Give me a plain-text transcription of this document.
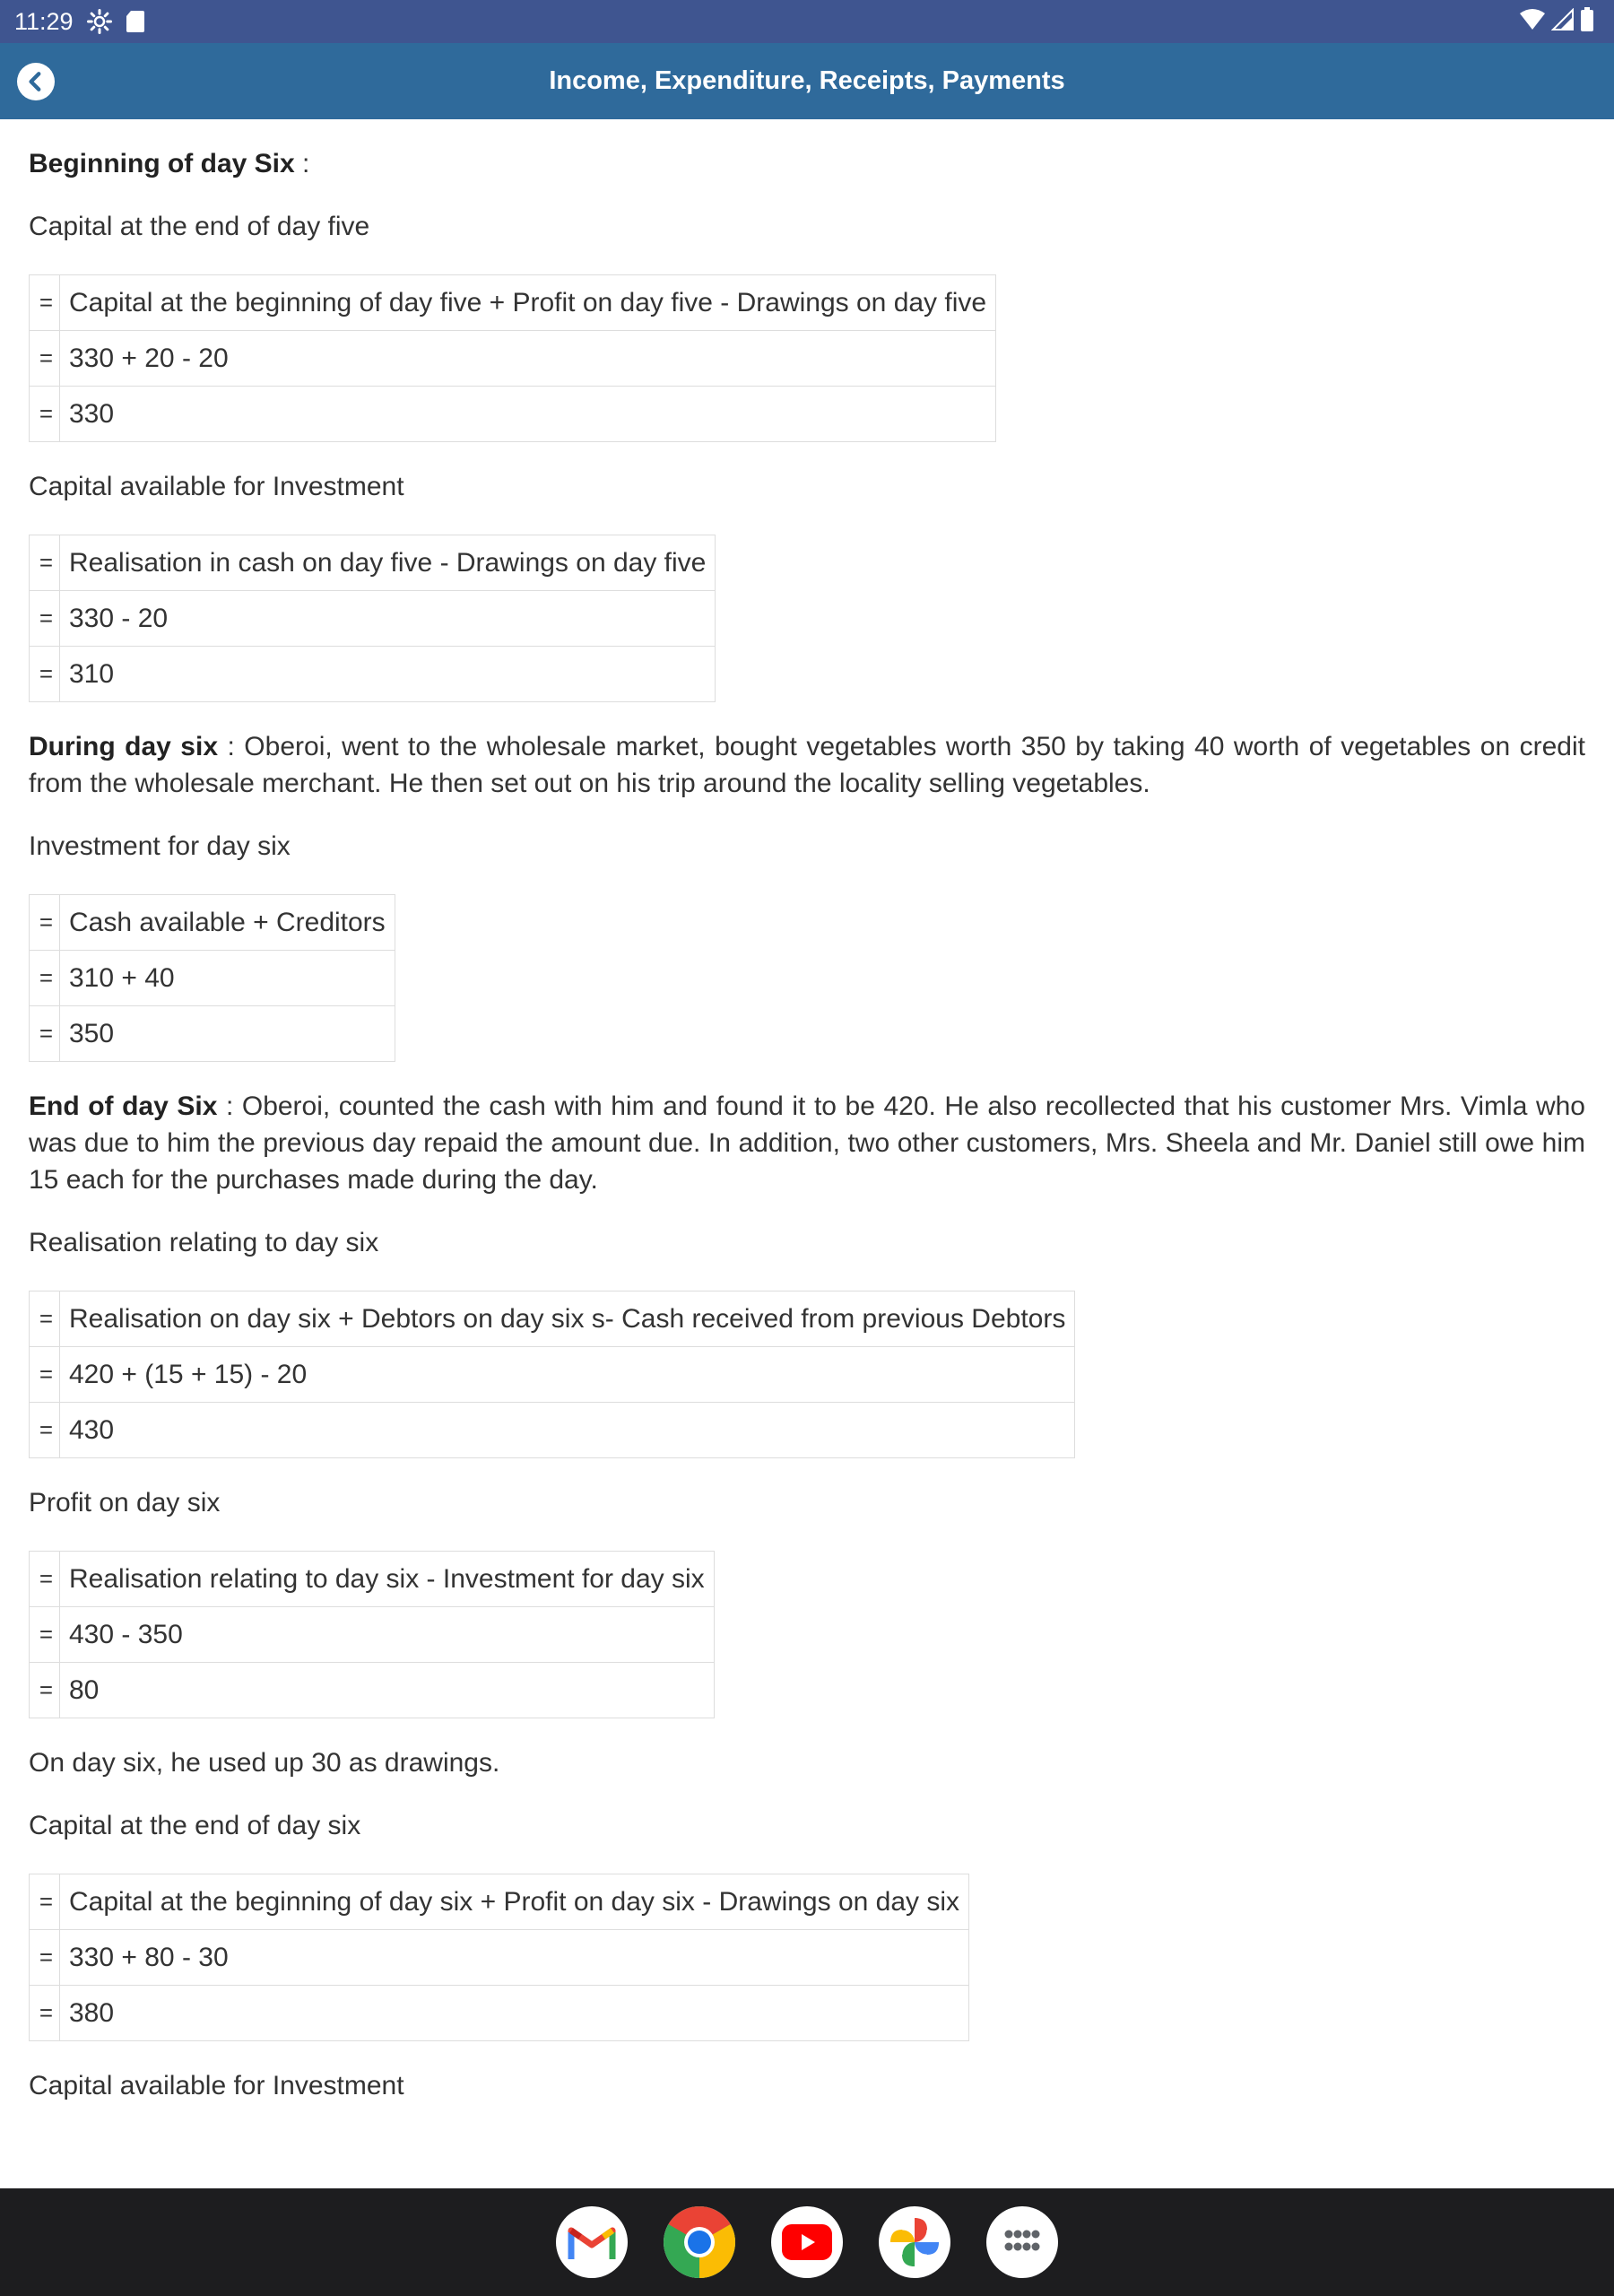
11:29
Income, Expenditure, Receipts, Payments

Beginning of day Six :

Capital at the end of day five

=	Capital at the beginning of day five + Profit on day five - Drawings on day five
=	330 + 20 - 20
=	330

Capital available for Investment

=	Realisation in cash on day five - Drawings on day five
=	330 - 20
=	310

During day six : Oberoi, went to the wholesale market, bought vegetables worth 350 by taking 40 worth of vegetables on credit from the wholesale merchant. He then set out on his trip around the locality selling vegetables.

Investment for day six

=	Cash available + Creditors
=	310 + 40
=	350

End of day Six : Oberoi, counted the cash with him and found it to be 420. He also recollected that his customer Mrs. Vimla who was due to him the previous day repaid the amount due. In addition, two other customers, Mrs. Sheela and Mr. Daniel still owe him 15 each for the purchases made during the day.

Realisation relating to day six

=	Realisation on day six + Debtors on day six s- Cash received from previous Debtors
=	420 + (15 + 15) - 20
=	430

Profit on day six

=	Realisation relating to day six - Investment for day six
=	430 - 350
=	80

On day six, he used up 30 as drawings.

Capital at the end of day six

=	Capital at the beginning of day six + Profit on day six - Drawings on day six
=	330 + 80 - 30
=	380

Capital available for Investment
